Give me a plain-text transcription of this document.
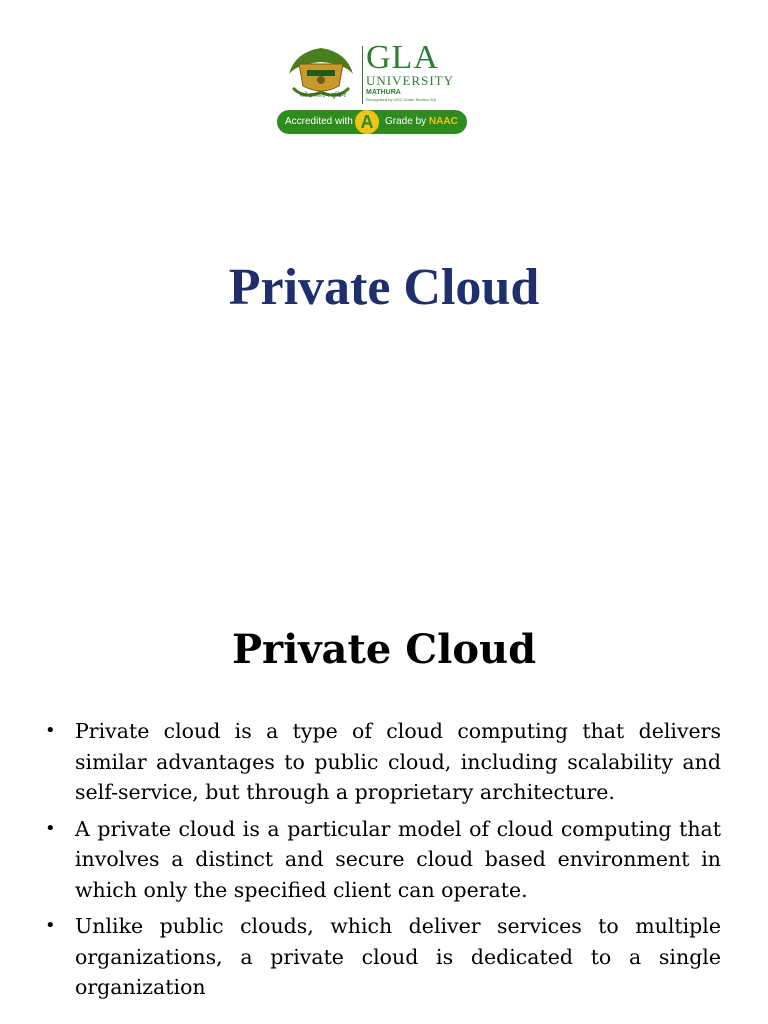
सर्वे इज्जलाम सुखिनः
GLA
UNIVERSITY
MATHURA
Recognised by UGC Under Section 2(f)
Accredited with A	Grade by NAAC
Private Cloud
Private Cloud
• Private cloud is a type of cloud computing that delivers similar advantages to public cloud, including scalability and self-service, but through a proprietary architecture.
• A private cloud is a particular model of cloud computing that involves a distinct and secure cloud based environment in which only the specified client can operate.
• Unlike public clouds, which deliver services to multiple organizations, a private cloud is dedicated to a single organization
